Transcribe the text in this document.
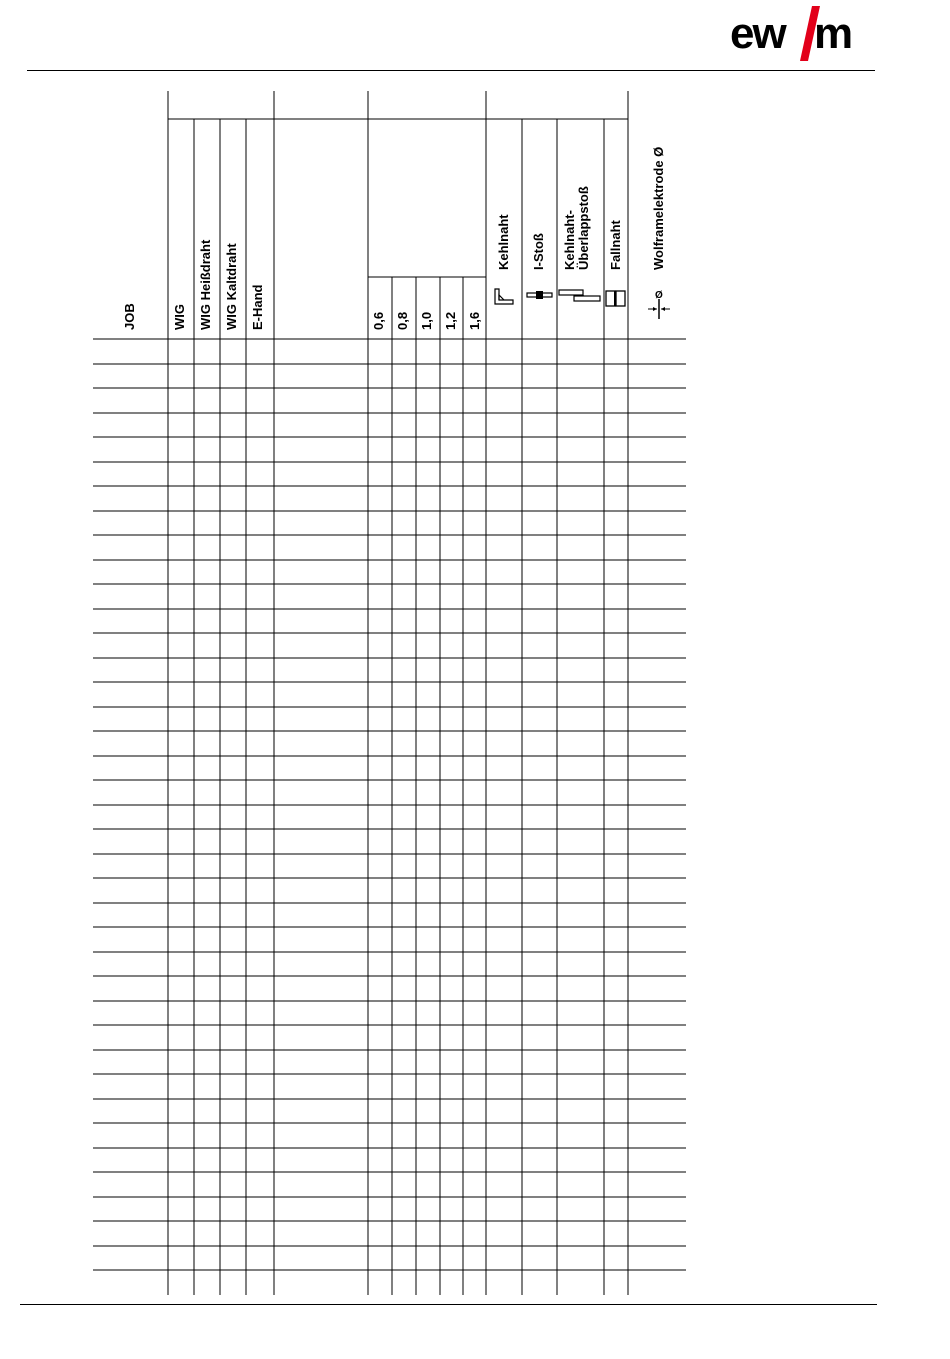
ew m
JOB	WIG WIG Heißdraht WIG Kaltdraht E-Hand	0,6 0,8 1,0 1,2 1,6
Kehlnaht I-Stoß Kehlnaht- Überlappstoß Fallnaht Wolframelektrode Ø
Ø
